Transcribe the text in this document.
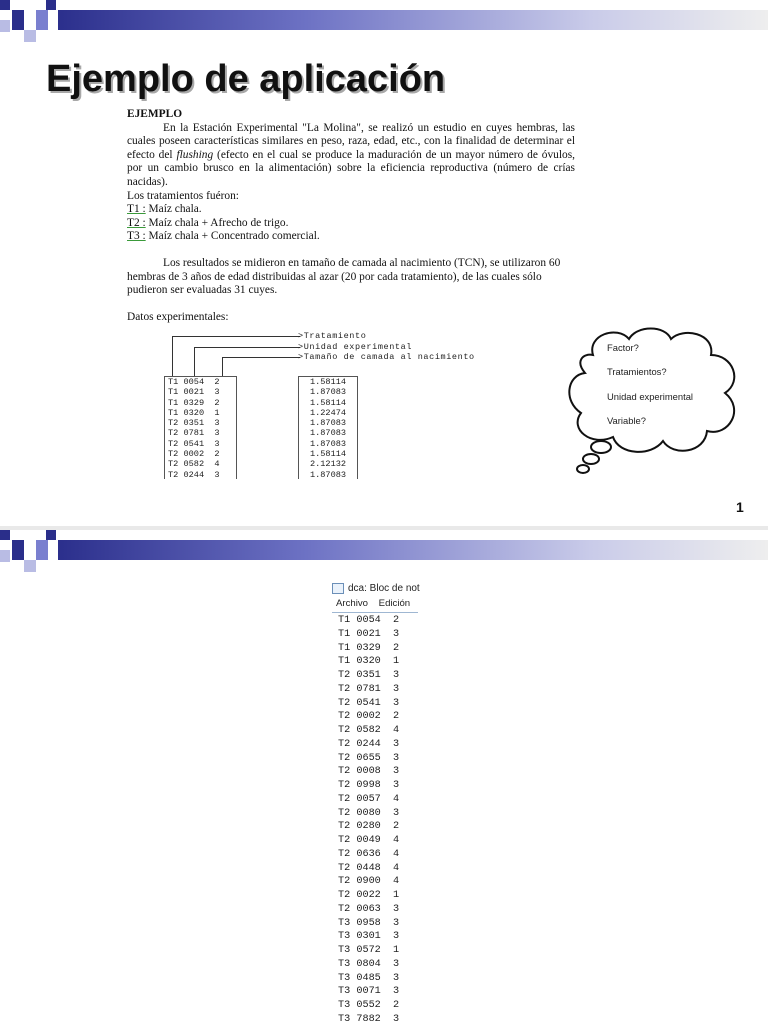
Ejemplo de aplicación

EJEMPLO

En la Estación Experimental "La Molina", se realizó un estudio en cuyes hembras, las cuales poseen características similares en peso, raza, edad, etc., con la finalidad de determinar el efecto del flushing (efecto en el cual se produce la maduración de un mayor número de óvulos, por un cambio brusco en la alimentación) sobre la eficiencia reproductiva (número de crías nacidas).

Los tratamientos fuéron:

T1 : Maíz chala.

T2 : Maíz chala + Afrecho de trigo.

T3 : Maíz chala + Concentrado comercial.

Los resultados se midieron en tamaño de camada al nacimiento (TCN), se utilizaron 60 hembras de 3 años de edad distribuidas al azar (20 por cada tratamiento), de las cuales sólo pudieron ser evaluadas 31 cuyes.

Datos experimentales:

>Tratamiento
>Unidad experimental
>Tamaño de camada al nacimiento
T1 0054  2
T1 0021  3
T1 0329  2
T1 0320  1
T2 0351  3
T2 0781  3
T2 0541  3
T2 0002  2
T2 0582  4
T2 0244  3
1.58114
1.87083
1.58114
1.22474
1.87083
1.87083
1.87083
1.58114
2.12132
1.87083
Factor?
Tratamientos?
Unidad experimental
Variable?
1
dca: Bloc de not
Archivo Edición
T1 0054  2
T1 0021  3
T1 0329  2
T1 0320  1
T2 0351  3
T2 0781  3
T2 0541  3
T2 0002  2
T2 0582  4
T2 0244  3
T2 0655  3
T2 0008  3
T2 0998  3
T2 0057  4
T2 0080  3
T2 0280  2
T2 0049  4
T2 0636  4
T2 0448  4
T2 0900  4
T2 0022  1
T2 0063  3
T3 0958  3
T3 0301  3
T3 0572  1
T3 0804  3
T3 0485  3
T3 0071  3
T3 0552  2
T3 7882  3
